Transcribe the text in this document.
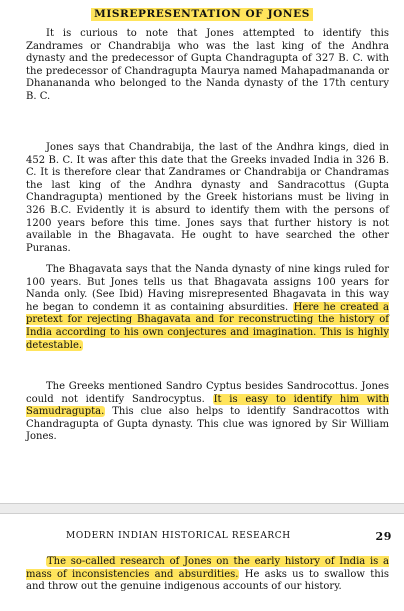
MISREPRESENTATION OF JONES

It is curious to note that Jones attempted to identify this Zandrames or Chandrabija who was the last king of the Andhra dynasty and the predecessor of Gupta Chandragupta of 327 B. C. with the predecessor of Chandragupta Maurya named Mahapadmananda or Dhananandа who belonged to the Nanda dynasty of the 17th century B. C.

Jones says that Chandrabija, the last of the Andhra kings, died in 452 B. C. It was after this date that the Greeks invaded India in 326 B. C. It is therefore clear that Zandrames or Chandrabija or Chandramas the last king of the Andhra dynasty and Sandracottus (Gupta Chandragupta) mentioned by the Greek historians must be living in 326 B.C. Evidently it is absurd to identify them with the persons of 1200 years before this time. Jones says that further history is not available in the Bhagavata. He ought to have searched the other Puranas.

The Bhagavata says that the Nanda dynasty of nine kings ruled for 100 years. But Jones tells us that Bhagavata assigns 100 years for Nanda only. (See Ibid) Having misrepresented Bhagavata in this way he began to condemn it as containing absurdities. Here he created a pretext for rejecting Bhagavata and for reconstructing the history of India according to his own conjectures and imagination. This is highly detestable.

The Greeks mentioned Sandro Cyptus besides Sandrocottus. Jones could not identify Sandrocyptus. It is easy to identify him with Samudragupta. This clue also helps to identify Sandracottos with Chandragupta of Gupta dynasty. This clue was ignored by Sir William Jones.

MODERN INDIAN HISTORICAL RESEARCH	29

The so-called research of Jones on the early history of India is a mass of inconsistencies and absurdities. He asks us to swallow this and throw out the genuine indigenous accounts of our history.
